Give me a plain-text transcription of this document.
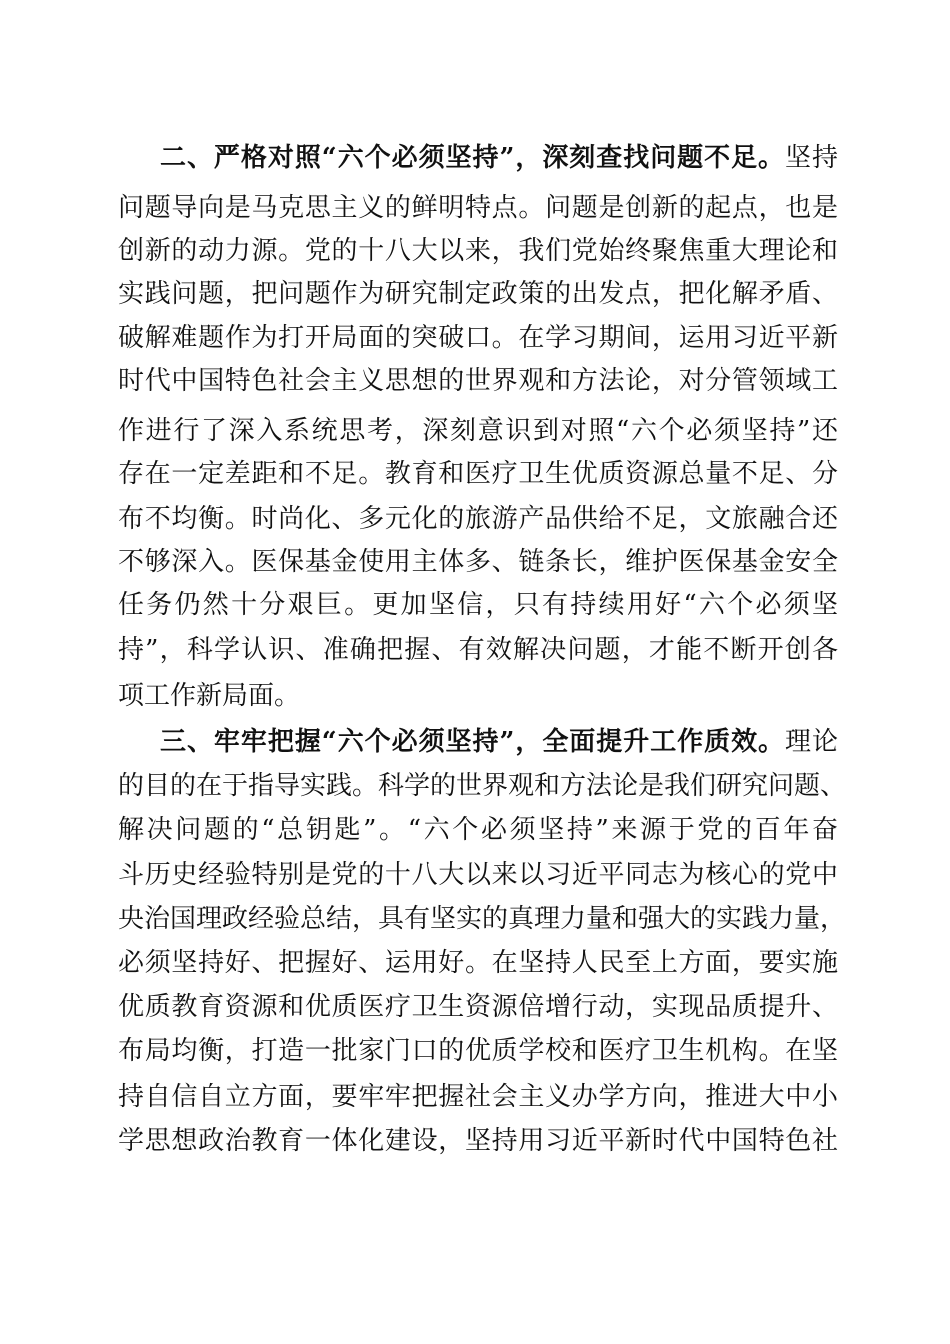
二、严格对照“六个必须坚持”，深刻查找问题不足。坚持
问题导向是马克思主义的鲜明特点。问题是创新的起点，也是
创新的动力源。党的十八大以来，我们党始终聚焦重大理论和
实践问题，把问题作为研究制定政策的出发点，把化解矛盾、
破解难题作为打开局面的突破口。在学习期间，运用习近平新
时代中国特色社会主义思想的世界观和方法论，对分管领域工
作进行了深入系统思考，深刻意识到对照“六个必须坚持”还
存在一定差距和不足。教育和医疗卫生优质资源总量不足、分
布不均衡。时尚化、多元化的旅游产品供给不足，文旅融合还
不够深入。医保基金使用主体多、链条长，维护医保基金安全
任务仍然十分艰巨。更加坚信，只有持续用好“六个必须坚
持”，科学认识、准确把握、有效解决问题，才能不断开创各
项工作新局面。
三、牢牢把握“六个必须坚持”，全面提升工作质效。理论
的目的在于指导实践。科学的世界观和方法论是我们研究问题、
解决问题的“总钥匙”。“六个必须坚持”来源于党的百年奋
斗历史经验特别是党的十八大以来以习近平同志为核心的党中
央治国理政经验总结，具有坚实的真理力量和强大的实践力量，
必须坚持好、把握好、运用好。在坚持人民至上方面，要实施
优质教育资源和优质医疗卫生资源倍增行动，实现品质提升、
布局均衡，打造一批家门口的优质学校和医疗卫生机构。在坚
持自信自立方面，要牢牢把握社会主义办学方向，推进大中小
学思想政治教育一体化建设，坚持用习近平新时代中国特色社
